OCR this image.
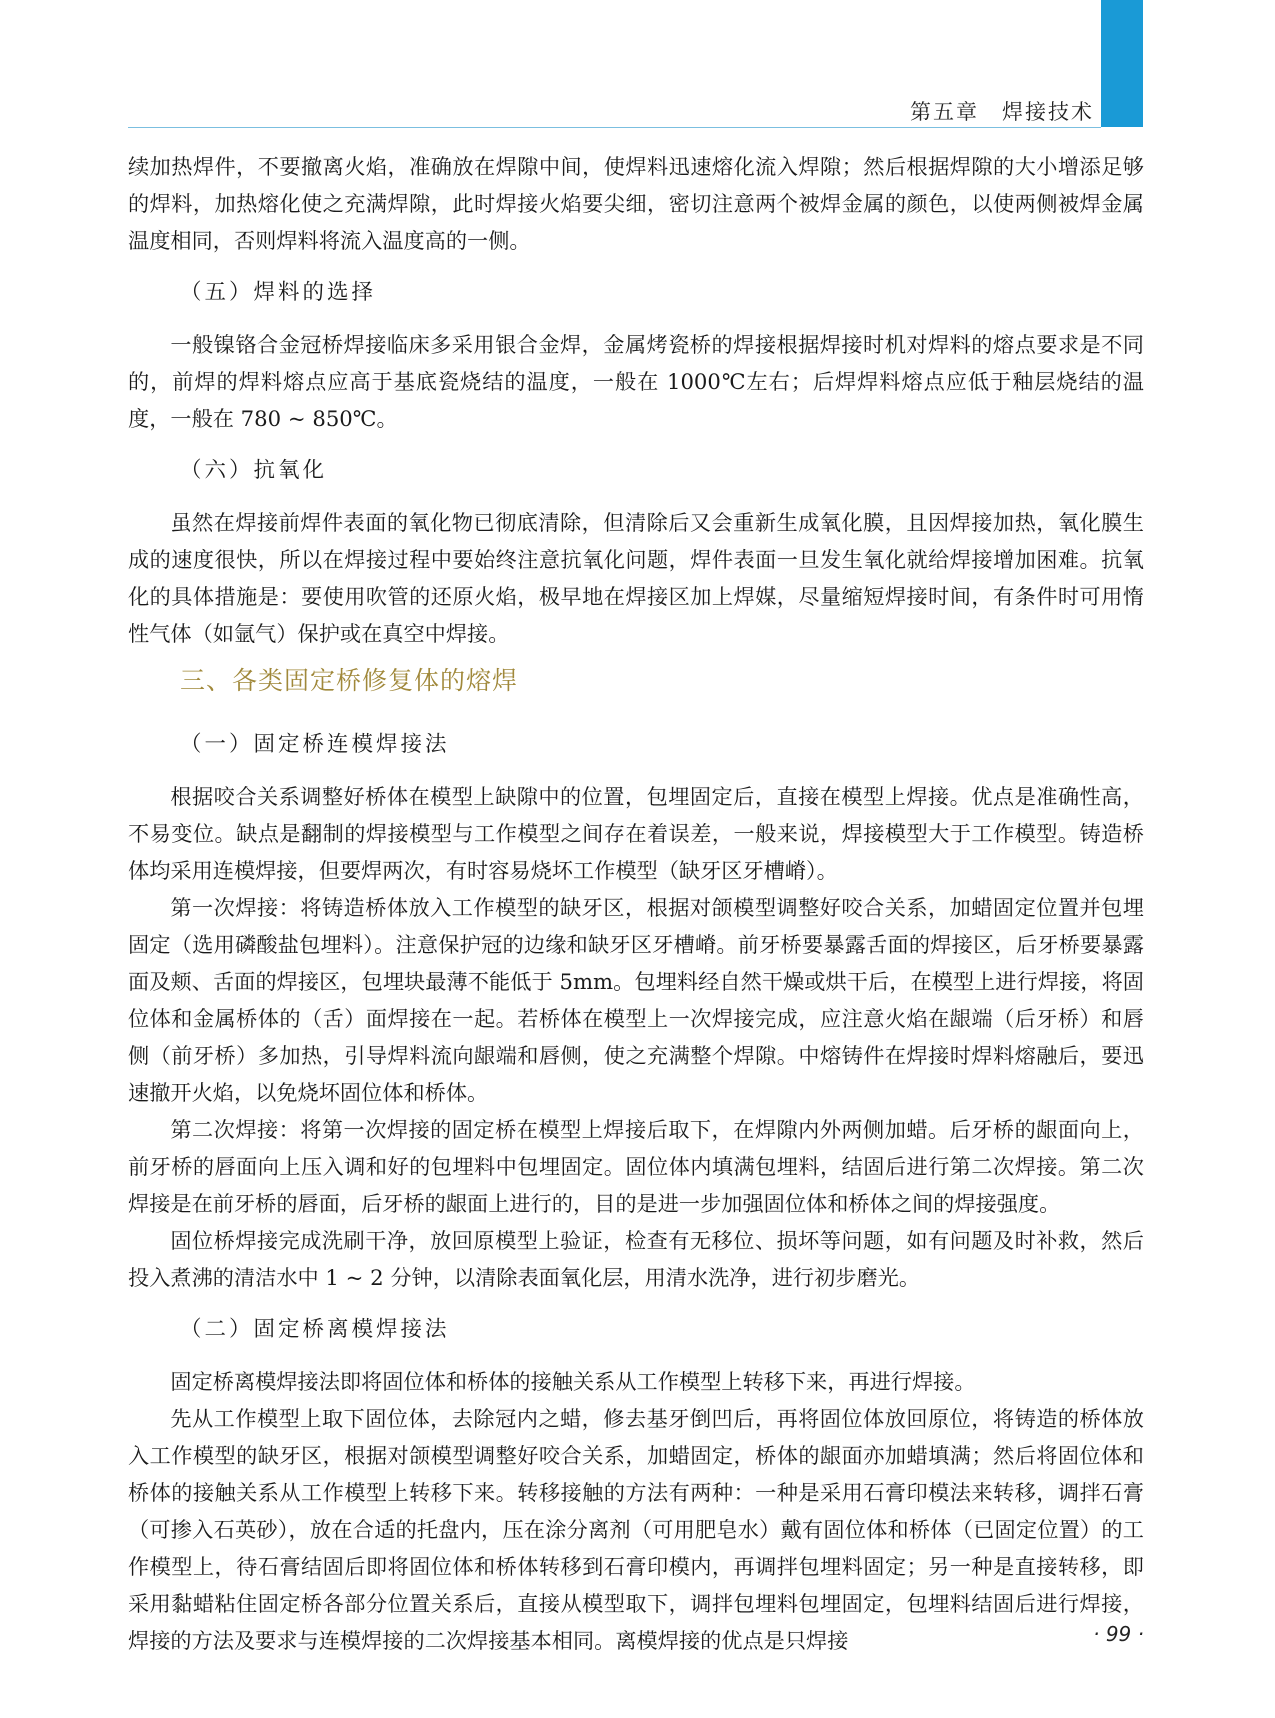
第五章　焊接技术

续加热焊件，不要撤离火焰，准确放在焊隙中间，使焊料迅速熔化流入焊隙；然后根据焊隙的大小增添足够的焊料，加热熔化使之充满焊隙，此时焊接火焰要尖细，密切注意两个被焊金属的颜色，以使两侧被焊金属温度相同，否则焊料将流入温度高的一侧。

（五）焊料的选择

一般镍铬合金冠桥焊接临床多采用银合金焊，金属烤瓷桥的焊接根据焊接时机对焊料的熔点要求是不同的，前焊的焊料熔点应高于基底瓷烧结的温度，一般在 1000℃左右；后焊焊料熔点应低于釉层烧结的温度，一般在 780 ~ 850℃。

（六）抗氧化

虽然在焊接前焊件表面的氧化物已彻底清除，但清除后又会重新生成氧化膜，且因焊接加热，氧化膜生成的速度很快，所以在焊接过程中要始终注意抗氧化问题，焊件表面一旦发生氧化就给焊接增加困难。抗氧化的具体措施是：要使用吹管的还原火焰，极早地在焊接区加上焊媒，尽量缩短焊接时间，有条件时可用惰性气体（如氩气）保护或在真空中焊接。

三、各类固定桥修复体的熔焊
（一）固定桥连模焊接法

根据咬合关系调整好桥体在模型上缺隙中的位置，包埋固定后，直接在模型上焊接。优点是准确性高，不易变位。缺点是翻制的焊接模型与工作模型之间存在着误差，一般来说，焊接模型大于工作模型。铸造桥体均采用连模焊接，但要焊两次，有时容易烧坏工作模型（缺牙区牙槽嵴）。

第一次焊接：将铸造桥体放入工作模型的缺牙区，根据对颌模型调整好咬合关系，加蜡固定位置并包埋固定（选用磷酸盐包埋料）。注意保护冠的边缘和缺牙区牙槽嵴。前牙桥要暴露舌面的焊接区，后牙桥要暴露面及颊、舌面的焊接区，包埋块最薄不能低于 5mm。包埋料经自然干燥或烘干后，在模型上进行焊接，将固位体和金属桥体的（舌）面焊接在一起。若桥体在模型上一次焊接完成，应注意火焰在龈端（后牙桥）和唇侧（前牙桥）多加热，引导焊料流向龈端和唇侧，使之充满整个焊隙。中熔铸件在焊接时焊料熔融后，要迅速撤开火焰，以免烧坏固位体和桥体。

第二次焊接：将第一次焊接的固定桥在模型上焊接后取下，在焊隙内外两侧加蜡。后牙桥的龈面向上，前牙桥的唇面向上压入调和好的包埋料中包埋固定。固位体内填满包埋料，结固后进行第二次焊接。第二次焊接是在前牙桥的唇面，后牙桥的龈面上进行的，目的是进一步加强固位体和桥体之间的焊接强度。

固位桥焊接完成洗刷干净，放回原模型上验证，检查有无移位、损坏等问题，如有问题及时补救，然后投入煮沸的清洁水中 1 ~ 2 分钟，以清除表面氧化层，用清水洗净，进行初步磨光。

（二）固定桥离模焊接法

固定桥离模焊接法即将固位体和桥体的接触关系从工作模型上转移下来，再进行焊接。

先从工作模型上取下固位体，去除冠内之蜡，修去基牙倒凹后，再将固位体放回原位，将铸造的桥体放入工作模型的缺牙区，根据对颌模型调整好咬合关系，加蜡固定，桥体的龈面亦加蜡填满；然后将固位体和桥体的接触关系从工作模型上转移下来。转移接触的方法有两种：一种是采用石膏印模法来转移，调拌石膏（可掺入石英砂），放在合适的托盘内，压在涂分离剂（可用肥皂水）戴有固位体和桥体（已固定位置）的工作模型上，待石膏结固后即将固位体和桥体转移到石膏印模内，再调拌包埋料固定；另一种是直接转移，即采用黏蜡粘住固定桥各部分位置关系后，直接从模型取下，调拌包埋料包埋固定，包埋料结固后进行焊接，焊接的方法及要求与连模焊接的二次焊接基本相同。离模焊接的优点是只焊接	· 99 ·
